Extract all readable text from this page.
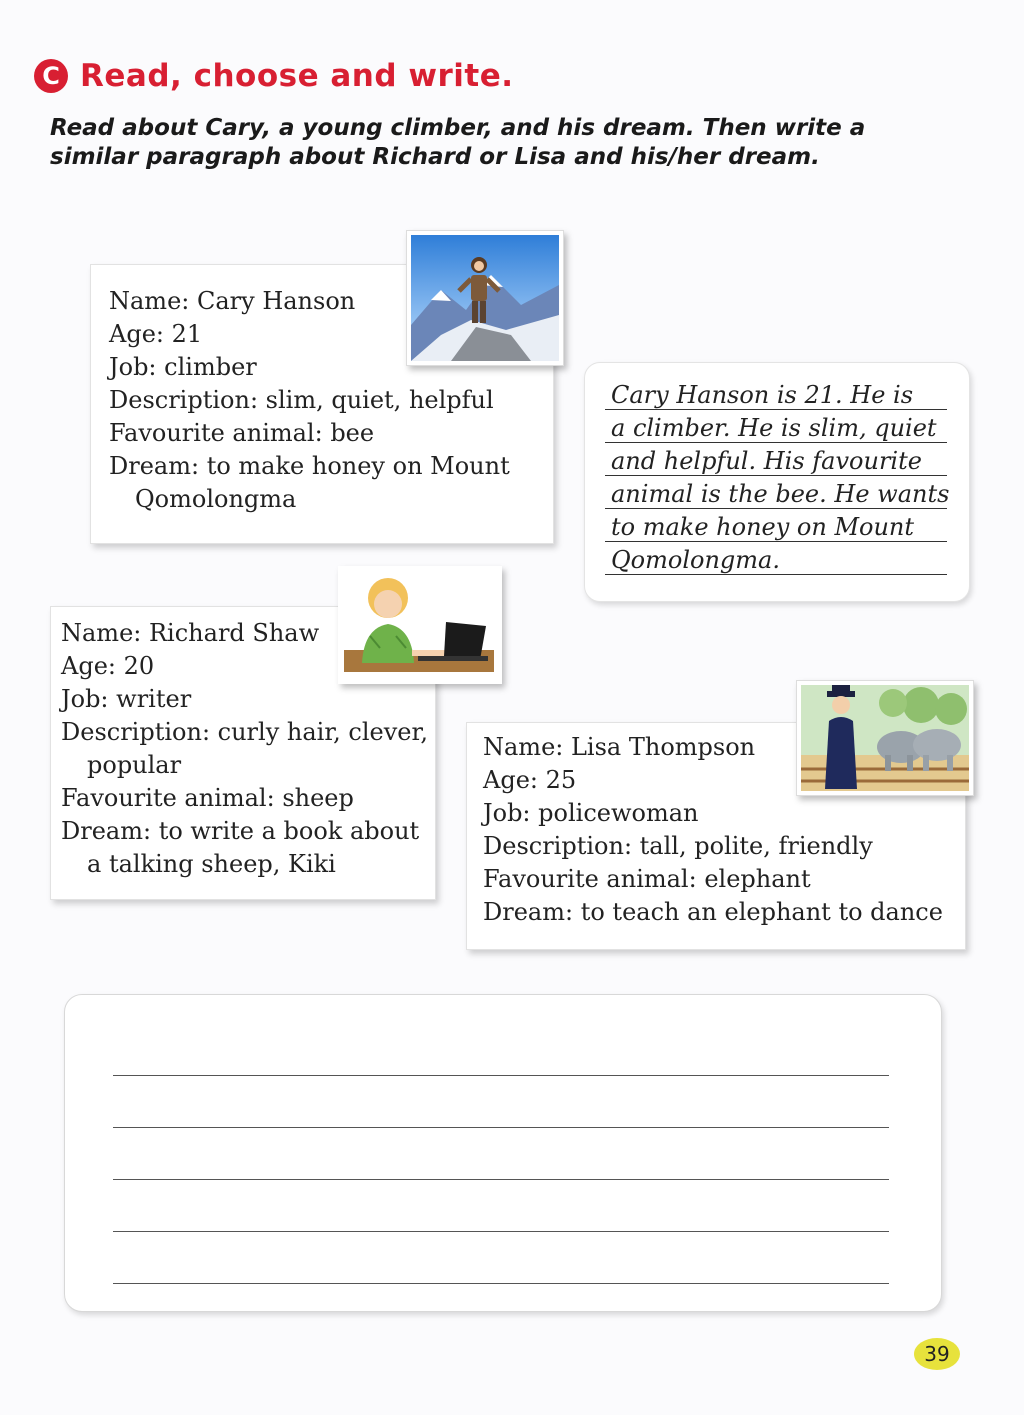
C Read, choose and write.
Read about Cary, a young climber, and his dream. Then write a similar paragraph about Richard or Lisa and his/her dream.
Name: Cary Hanson
Age: 21
Job: climber
Description: slim, quiet, helpful
Favourite animal: bee
Dream: to make honey on Mount
Qomolongma
Cary Hanson is 21. He is
a climber. He is slim, quiet
and helpful. His favourite
animal is the bee. He wants
to make honey on Mount
Qomolongma.
Name: Richard Shaw
Age: 20
Job: writer
Description: curly hair, clever,
popular
Favourite animal: sheep
Dream: to write a book about
a talking sheep, Kiki
Name: Lisa Thompson
Age: 25
Job: policewoman
Description: tall, polite, friendly
Favourite animal: elephant
Dream: to teach an elephant to dance
39
